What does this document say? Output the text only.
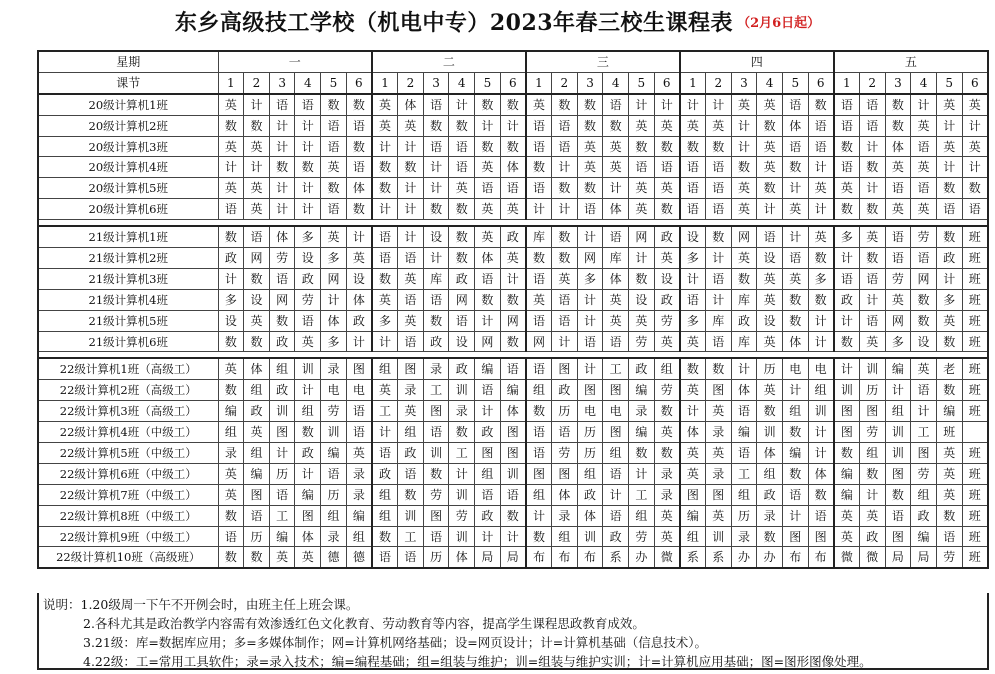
东乡高级技工学校（机电中专）2023年春三校生课程表 （2月6日起）
星期	一						二						三						四						五					
课节	1	2	3	4	5	6	1	2	3	4	5	6	1	2	3	4	5	6	1	2	3	4	5	6	1	2	3	4	5	6
20级计算机1班	英	计	语	语	数	数	英	体	语	计	数	数	英	数	数	语	计	计	计	计	英	英	语	数	语	语	数	计	英	英
20级计算机2班	数	数	计	计	语	语	英	英	数	数	计	计	语	语	数	数	英	英	英	英	计	数	体	语	语	语	数	英	计	计
20级计算机3班	英	英	计	计	语	数	计	计	语	语	数	数	语	语	英	英	数	数	数	数	计	英	语	语	数	计	体	语	英	英
20级计算机4班	计	计	数	数	英	语	数	数	计	语	英	体	数	计	英	英	语	语	语	语	数	英	数	计	语	数	英	英	计	计
20级计算机5班	英	英	计	计	数	体	数	计	计	英	语	语	语	数	数	计	英	英	语	语	英	数	计	英	英	计	语	语	数	数
20级计算机6班	语	英	计	计	语	数	计	计	数	数	英	英	计	计	语	体	英	数	语	语	英	计	英	计	数	数	英	英	语	语

21级计算机1班	数	语	体	多	英	计	语	计	设	数	英	政	库	数	计	语	网	政	设	数	网	语	计	英	多	英	语	劳	数	班
21级计算机2班	政	网	劳	设	多	英	语	语	计	数	体	英	数	数	网	库	计	英	多	计	英	设	语	数	计	数	语	语	政	班
21级计算机3班	计	数	语	政	网	设	数	英	库	政	语	计	语	英	多	体	数	设	计	语	数	英	英	多	语	语	劳	网	计	班
21级计算机4班	多	设	网	劳	计	体	英	语	语	网	数	数	英	语	计	英	设	政	语	计	库	英	数	数	政	计	英	数	多	班
21级计算机5班	设	英	数	语	体	政	多	英	数	语	计	网	语	语	计	英	英	劳	多	库	政	设	数	计	计	语	网	数	英	班
21级计算机6班	数	数	政	英	多	计	计	语	政	设	网	数	网	计	语	语	劳	英	英	语	库	英	体	计	数	英	多	设	数	班

22级计算机1班（高级工）	英	体	组	训	录	图	组	图	录	政	编	语	语	图	计	工	政	组	数	数	计	历	电	电	计	训	编	英	老	班
22级计算机2班（高级工）	数	组	政	计	电	电	英	录	工	训	语	编	组	政	图	图	编	劳	英	图	体	英	计	组	训	历	计	语	数	班
22级计算机3班（高级工）	编	政	训	组	劳	语	工	英	图	录	计	体	数	历	电	电	录	数	计	英	语	数	组	训	图	图	组	计	编	班
22级计算机4班（中级工）	组	英	图	数	训	语	计	组	语	数	政	图	语	语	历	图	编	英	体	录	编	训	数	计	图	劳	训	工	班	
22级计算机5班（中级工）	录	组	计	政	编	英	语	政	训	工	图	图	语	劳	历	组	数	数	英	英	语	体	编	计	数	组	训	图	英	班
22级计算机6班（中级工）	英	编	历	计	语	录	政	语	数	计	组	训	图	图	组	语	计	录	英	录	工	组	数	体	编	数	图	劳	英	班
22级计算机7班（中级工）	英	图	语	编	历	录	组	数	劳	训	语	语	组	体	政	计	工	录	图	图	组	政	语	数	编	计	数	组	英	班
22级计算机8班（中级工）	数	语	工	图	组	编	组	训	图	劳	政	数	计	录	体	语	组	英	编	英	历	录	计	语	英	英	语	政	数	班
22级计算机9班（中级工）	语	历	编	体	录	组	数	工	语	训	计	计	数	组	训	政	劳	英	组	训	录	数	图	图	英	政	图	编	语	班
22级计算机10班（高级班）	数	数	英	英	德	德	语	语	历	体	局	局	布	布	布	系	办	微	系	系	办	办	布	布	微	微	局	局	劳	班
说明：1.20级周一下午不开例会时，由班主任上班会课。
2.各科尤其是政治教学内容需有效渗透红色文化教育、劳动教育等内容，提高学生课程思政教育成效。
3.21级：库=数据库应用；多=多媒体制作；网=计算机网络基础；设=网页设计；计=计算机基础（信息技术）。
4.22级：工=常用工具软件；录=录入技术；编=编程基础；组=组装与维护；训=组装与维护实训；计=计算机应用基础；图=图形图像处理。
